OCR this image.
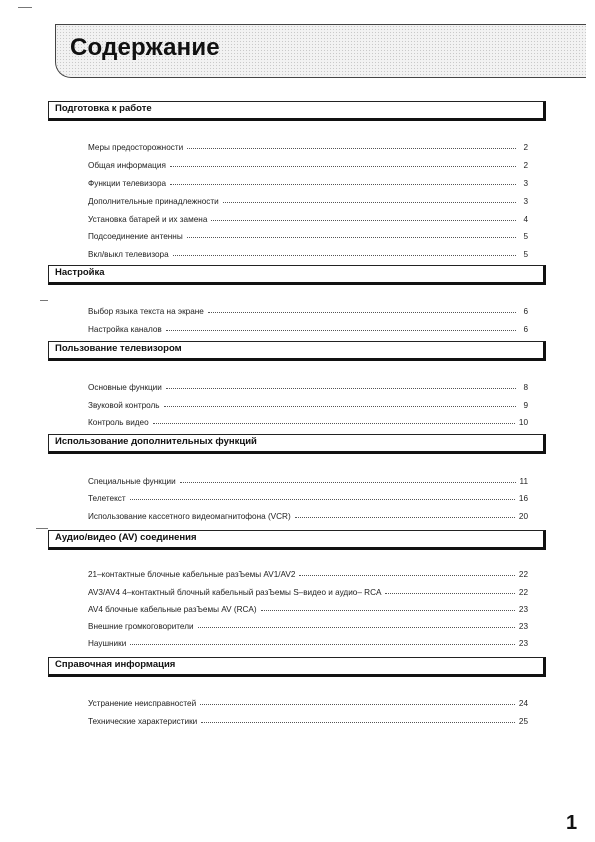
Содержание
Подготовка к работе
Меры предосторожности	2
Общая информация	2
Функции телевизора	3
Дополнительные принадлежности	3
Установка батарей и их замена	4
Подсоединение антенны	5
Вкл/выкл телевизора	5
Настройка
Выбор языка текста на экране	6
Настройка каналов	6
Пользование телевизором
Основные функции	8
Звуковой контроль	9
Контроль видео	10
Использование дополнительных функций
Специальные функции	11
Телетекст	16
Использование кассетного видеомагнитофона (VCR)	20
Аудио/видео (AV) соединения
21–контактные блочные кабельные разЪемы AV1/AV2	22
AV3/AV4 4–контактный блочный кабельный разЪемы S–видео и аудио– RCA	22
AV4 блочные кабельные разЪемы AV (RCA)	23
Внешние громкоговорители	23
Наушники	23
Справочная информация
Устранение неисправностей	24
Технические характеристики	25
1
